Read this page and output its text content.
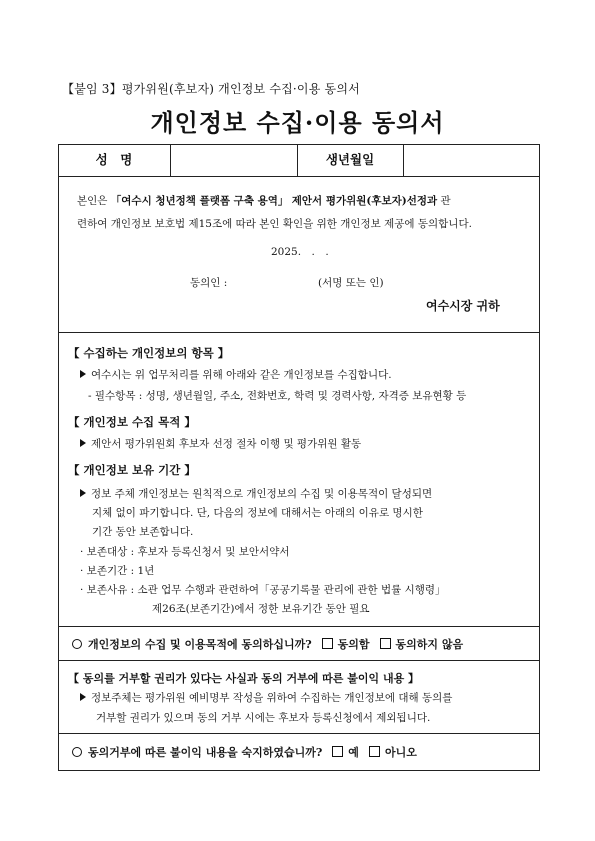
【붙임 3】평가위원(후보자) 개인정보 수집·이용 동의서
개인정보 수집·이용 동의서
성　명	생년월일
본인은 「여수시 청년정책 플랫폼 구축 용역」 제안서 평가위원(후보자)선정과 관
련하여 개인정보 보호법 제15조에 따라 본인 확인을 위한 개인정보 제공에 동의합니다.
2025.　.　.
동의인 :	(서명 또는 인)
여수시장 귀하
【 수집하는 개인정보의 항목 】
여수시는 위 업무처리를 위해 아래와 같은 개인정보를 수집합니다.
- 필수항목 : 성명, 생년월일, 주소, 전화번호, 학력 및 경력사항, 자격증 보유현황 등
【 개인정보 수집 목적 】
제안서 평가위원회 후보자 선정 절차 이행 및 평가위원 활동
【 개인정보 보유 기간 】
정보 주체 개인정보는 원칙적으로 개인정보의 수집 및 이용목적이 달성되면
지체 없이 파기합니다. 단, 다음의 정보에 대해서는 아래의 이유로 명시한
기간 동안 보존합니다.
· 보존대상 : 후보자 등록신청서 및 보안서약서
· 보존기간 : 1년
· 보존사유 : 소관 업무 수행과 관련하여「공공기록물 관리에 관한 법률 시행령」
제26조(보존기간)에서 정한 보유기간 동안 필요
개인정보의 수집 및 이용목적에 동의하십니까? 동의함 동의하지 않음
【 동의를 거부할 권리가 있다는 사실과 동의 거부에 따른 불이익 내용 】
정보주체는 평가위원 예비명부 작성을 위하여 수집하는 개인정보에 대해 동의를
거부할 권리가 있으며 동의 거부 시에는 후보자 등록신청에서 제외됩니다.
동의거부에 따른 불이익 내용을 숙지하였습니까? 예 아니오
